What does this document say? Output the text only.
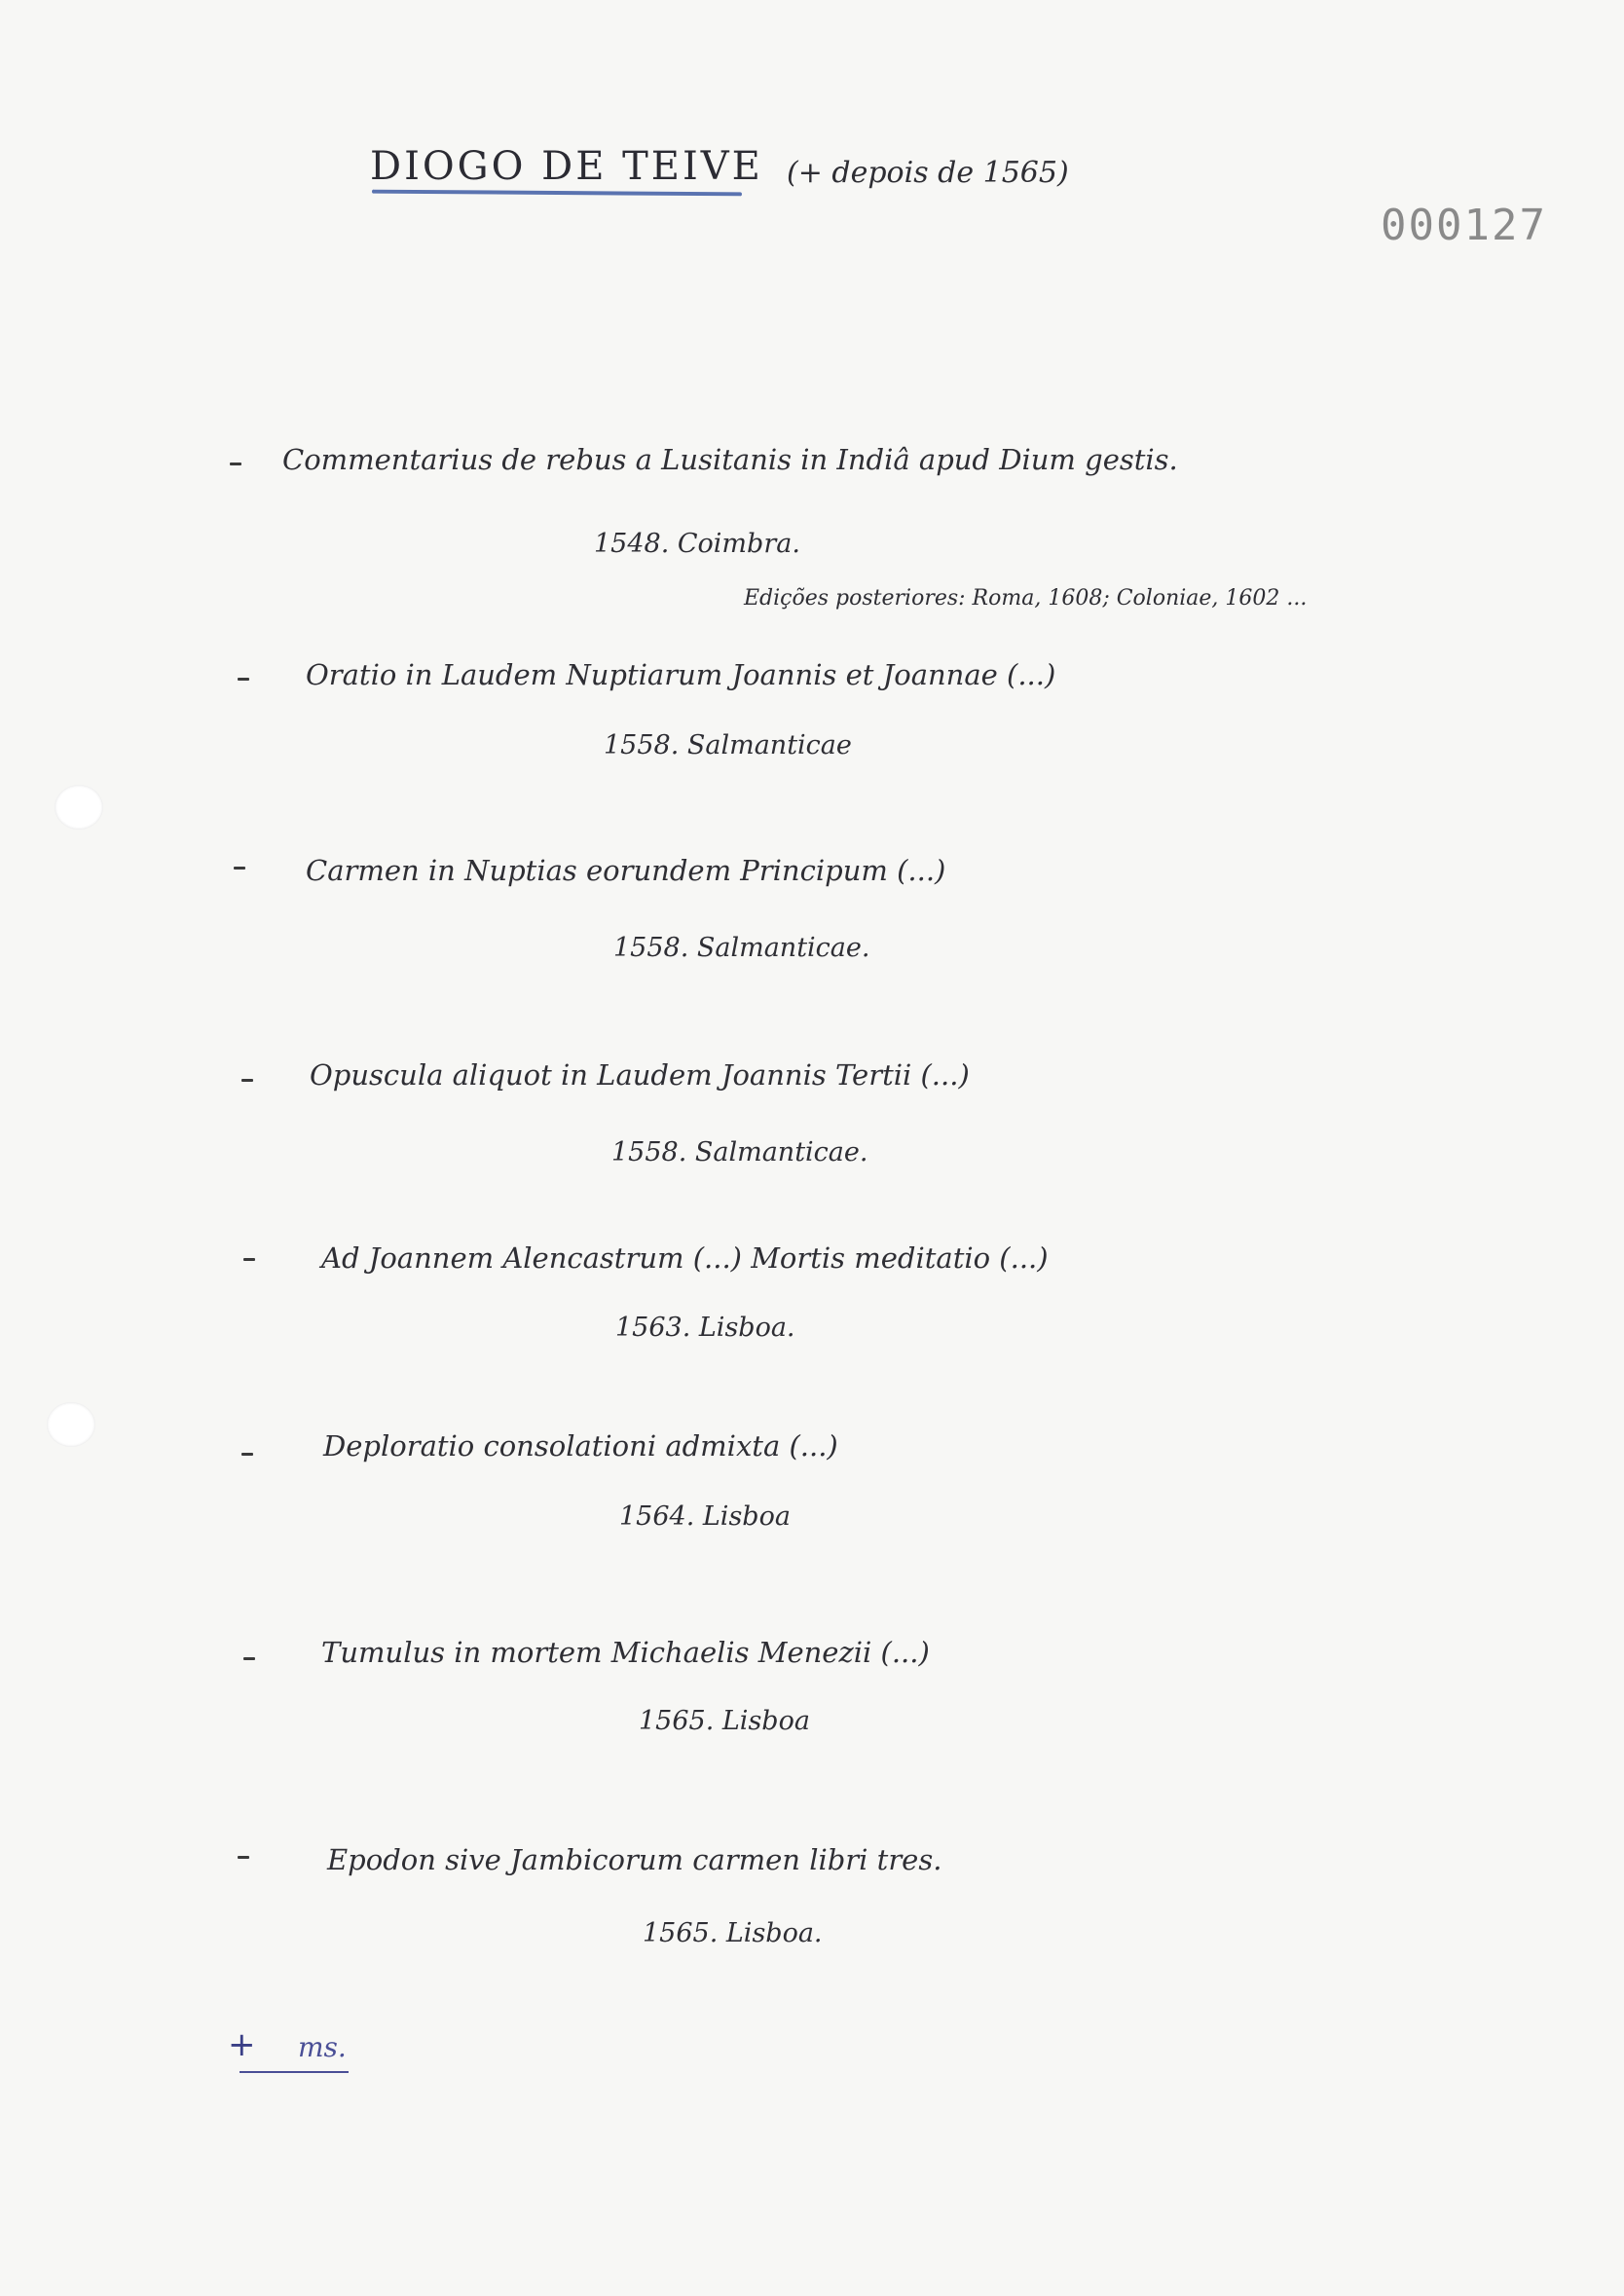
DIOGO DE TEIVE (+ depois de 1565)
000127
Commentarius de rebus a Lusitanis in Indiâ apud Dium gestis.
1548. Coimbra.
Edições posteriores: Roma, 1608; Coloniae, 1602 ...
Oratio in Laudem Nuptiarum Joannis et Joannae (...)
1558. Salmanticae
Carmen in Nuptias eorundem Principum (...)
1558. Salmanticae.
Opuscula aliquot in Laudem Joannis Tertii (...)
1558. Salmanticae.
Ad Joannem Alencastrum (...) Mortis meditatio (...)
1563. Lisboa.
Deploratio consolationi admixta (...)
1564. Lisboa
Tumulus in mortem Michaelis Menezii (...)
1565. Lisboa
Epodon sive Jambicorum carmen libri tres.
1565. Lisboa.
+ ms.
